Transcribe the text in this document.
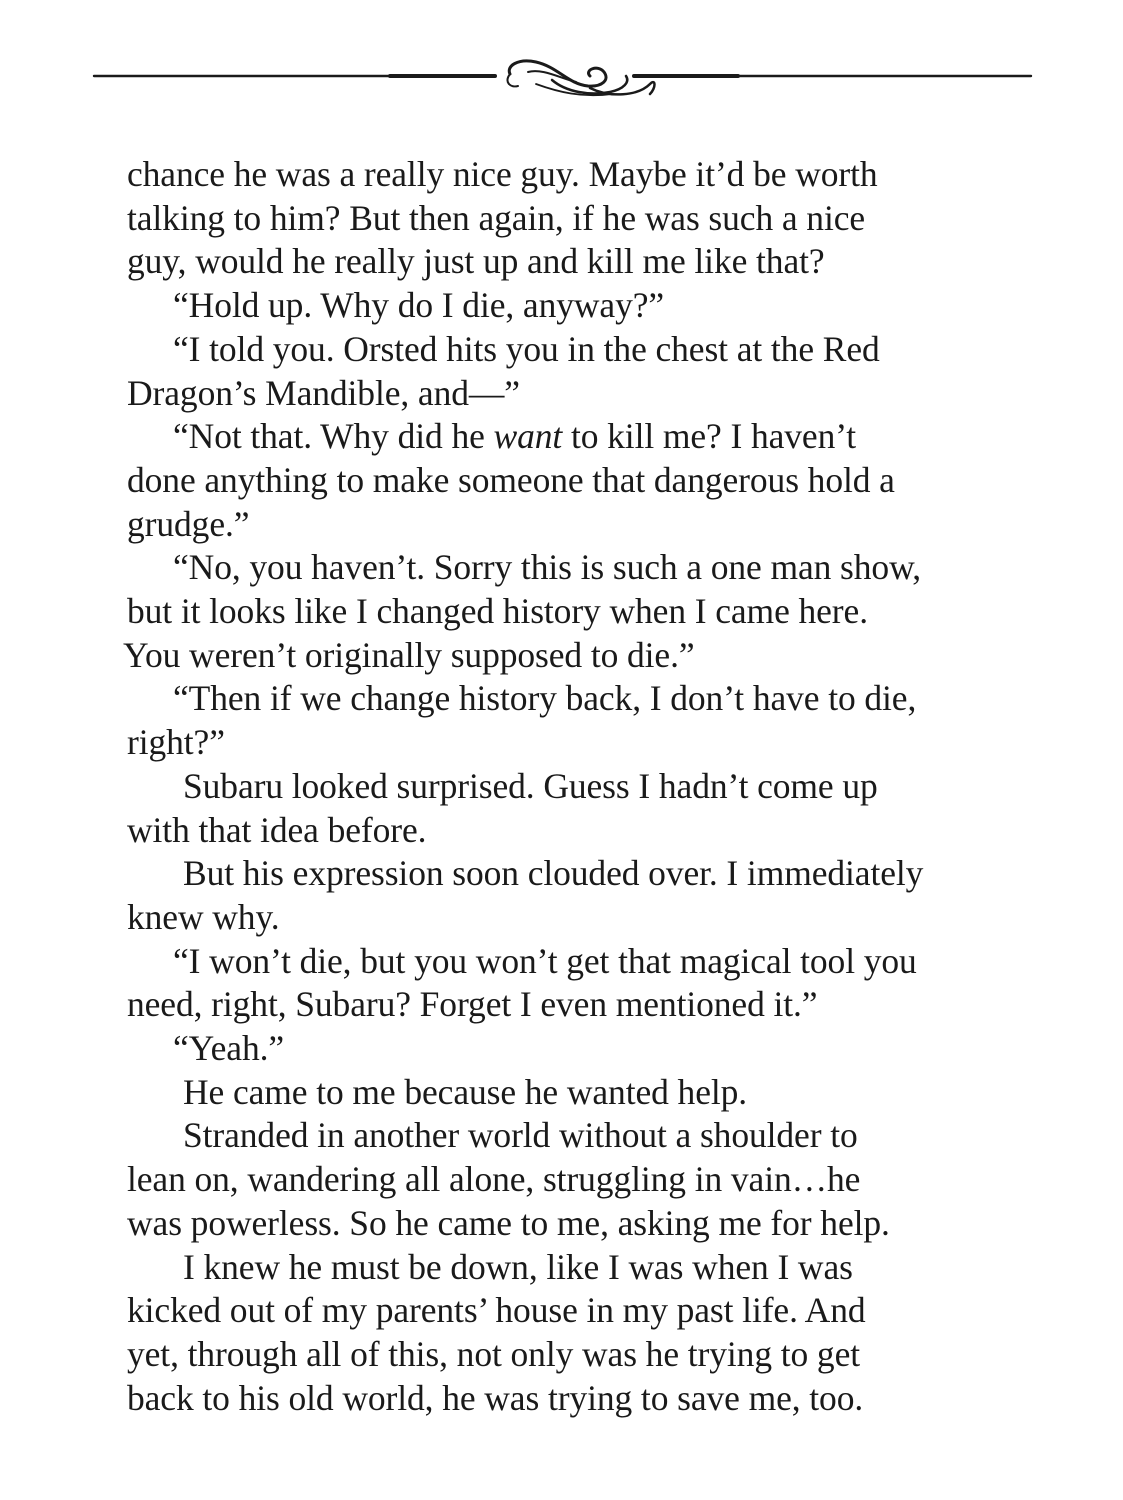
chance he was a really nice guy. Maybe it’d be worth

talking to him? But then again, if he was such a nice

guy, would he really just up and kill me like that?

“Hold up. Why do I die, anyway?”

“I told you. Orsted hits you in the chest at the Red

Dragon’s Mandible, and—”

“Not that. Why did he want to kill me? I haven’t

done anything to make someone that dangerous hold a

grudge.”

“No, you haven’t. Sorry this is such a one man show,

but it looks like I changed history when I came here.

You weren’t originally supposed to die.”

“Then if we change history back, I don’t have to die,

right?”

Subaru looked surprised. Guess I hadn’t come up

with that idea before.

But his expression soon clouded over. I immediately

knew why.

“I won’t die, but you won’t get that magical tool you

need, right, Subaru? Forget I even mentioned it.”

“Yeah.”

He came to me because he wanted help.

Stranded in another world without a shoulder to

lean on, wandering all alone, struggling in vain…he

was powerless. So he came to me, asking me for help.

I knew he must be down, like I was when I was

kicked out of my parents’ house in my past life. And

yet, through all of this, not only was he trying to get

back to his old world, he was trying to save me, too.
